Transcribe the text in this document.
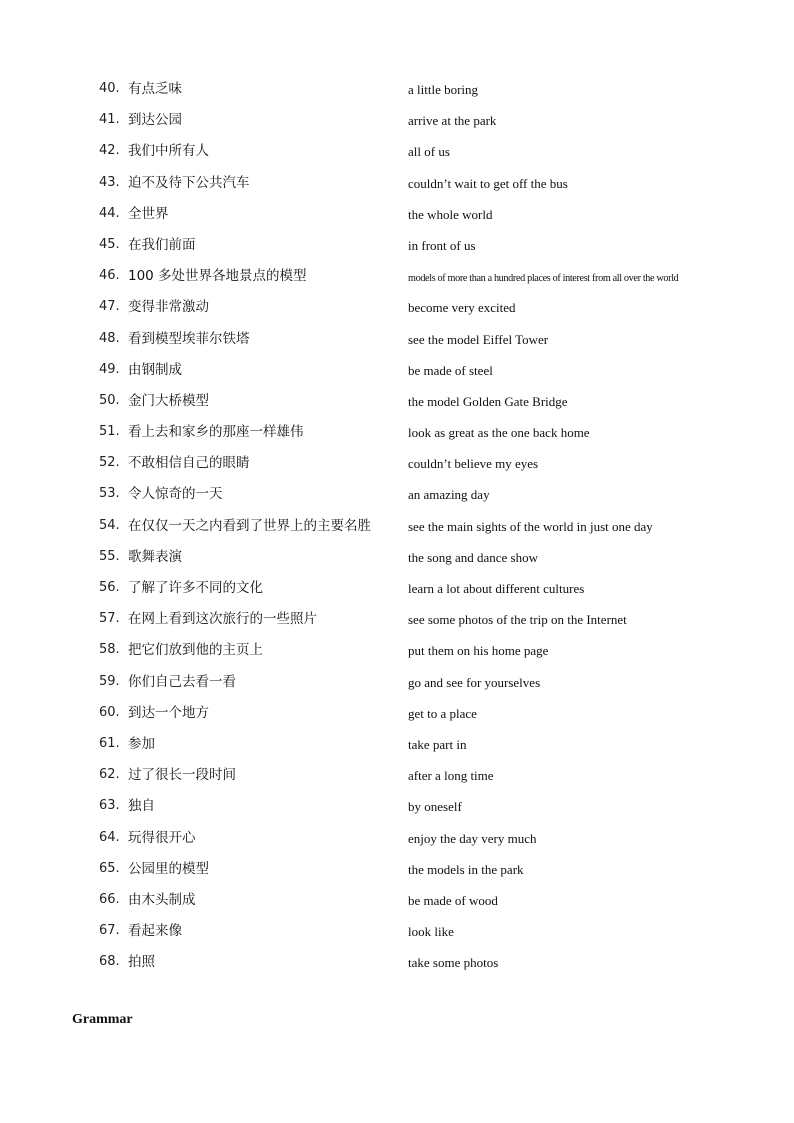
40. 有点乏味	a little boring
41. 到达公园	arrive at the park
42. 我们中所有人	all of us
43. 迫不及待下公共汽车	couldn’t wait to get off the bus
44. 全世界	the whole world
45. 在我们前面	in front of us
46. 100 多处世界各地景点的模型	models of more than a hundred places of interest from all over the world
47. 变得非常激动	become very excited
48. 看到模型埃菲尔铁塔	see the model Eiffel Tower
49. 由钢制成	be made of steel
50. 金门大桥模型	the model Golden Gate Bridge
51. 看上去和家乡的那座一样雄伟	look as great as the one back home
52. 不敢相信自己的眼睛	couldn’t believe my eyes
53. 令人惊奇的一天	an amazing day
54. 在仅仅一天之内看到了世界上的主要名胜	see the main sights of the world in just one day
55. 歌舞表演	the song and dance show
56. 了解了许多不同的文化	learn a lot about different cultures
57. 在网上看到这次旅行的一些照片	see some photos of the trip on the Internet
58. 把它们放到他的主页上	put them on his home page
59. 你们自己去看一看	go and see for yourselves
60. 到达一个地方	get to a place
61. 参加	take part in
62. 过了很长一段时间	after a long time
63. 独自	by oneself
64. 玩得很开心	enjoy the day very much
65. 公园里的模型	the models in the park
66. 由木头制成	be made of wood
67. 看起来像	look like
68. 拍照	take some photos
Grammar
